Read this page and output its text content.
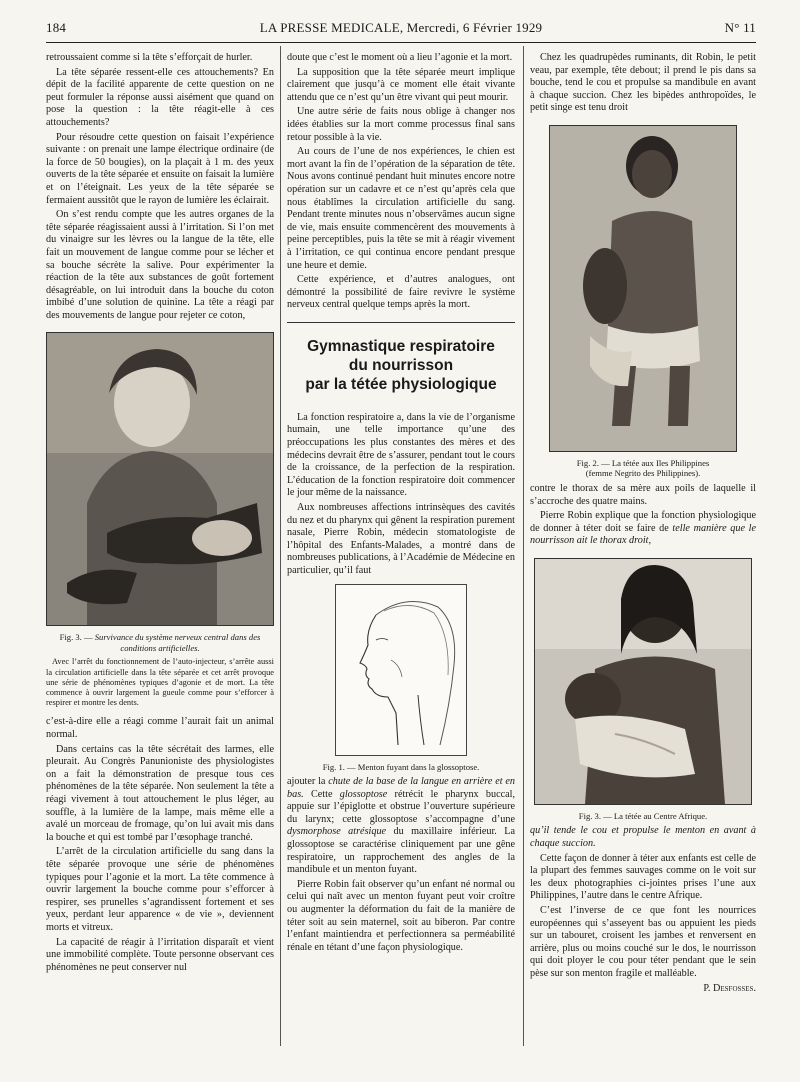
184	LA PRESSE MEDICALE, Mercredi, 6 Février 1929	N° 11

retroussaient comme si la tête s’efforçait de hurler.

La tête séparée ressent-elle ces attouchements? En dépit de la facilité apparente de cette question on ne peut formuler la réponse aussi aisément que quand on pose la question : la tête réagit-elle à ces attouchements?

Pour résoudre cette question on faisait l’expérience suivante : on prenait une lampe électrique ordinaire (de la force de 50 bougies), on la plaçait à 1 m. des yeux ouverts de la tête séparée et ensuite on faisait la lumière et on l’éteignait. Les yeux de la tête séparée se fermaient aussitôt que le rayon de lumière les éclairait.

On s’est rendu compte que les autres organes de la tête séparée réagissaient aussi à l’irritation. Si l’on met du vinaigre sur les lèvres ou la langue de la tête, elle fait un mouvement de langue comme pour se lécher et sa bouche sécrète la salive. Pour expérimenter la réaction de la tête aux substances de goût fortement désagréable, on lui introduit dans la bouche du coton imbibé d’une solution de quinine. La tête a réagi par des mouvements de langue pour rejeter ce coton,

Fig. 3. — Survivance du système nerveux central dans des conditions artificielles.

Avec l’arrêt du fonctionnement de l’auto-injecteur, s’arrête aussi la circulation artificielle dans la tête séparée et cet arrêt provoque une série de phénomènes typiques d’agonie et de mort. La tête commence à ouvrir largement la gueule comme pour s’efforcer à respirer et montre les dents.

c’est-à-dire elle a réagi comme l’aurait fait un animal normal.

Dans certains cas la tête sécrétait des larmes, elle pleurait. Au Congrès Panunioniste des physiologistes on a fait la démonstration de presque tous ces phénomènes de la tête séparée. Non seulement la tête a réagi vivement à tout attouchement le plus léger, au souffle, à la lumière de la lampe, mais même elle a avalé un morceau de fromage, qu’on lui avait mis dans la bouche et qui est tombé par l’œsophage tranché.

L’arrêt de la circulation artificielle du sang dans la tête séparée provoque une série de phénomènes typiques pour l’agonie et la mort. La tête commence à ouvrir largement la bouche comme pour s’efforcer à respirer, ses prunelles s’agrandissent fortement et ses yeux, perdant leur apparence « de vie », deviennent morts et vitreux.

La capacité de réagir à l’irritation disparaît et vient une immobilité complète. Toute personne observant ces phénomènes ne peut conserver nul

doute que c’est le moment où a lieu l’agonie et la mort.

La supposition que la tête séparée meurt implique clairement que jusqu’à ce moment elle était vivante attendu que ce n’est qu’un être vivant qui peut mourir.

Une autre série de faits nous oblige à changer nos idées établies sur la mort comme processus final sans retour possible à la vie.

Au cours de l’une de nos expériences, le chien est mort avant la fin de l’opération de la séparation de tête. Nous avons continué pendant huit minutes encore notre opération sur un cadavre et ce n’est qu’après cela que nous établîmes la circulation artificielle du sang. Pendant trente minutes nous n’observâmes aucun signe de vie, mais ensuite commencèrent des mouvements à peine perceptibles, puis la tête se mit à réagir vivement à l’irritation, ce qui continua encore pendant presque une heure et demie.

Cette expérience, et d’autres analogues, ont démontré la possibilité de faire revivre le système nerveux central quelque temps après la mort.

Gymnastique respiratoire
du nourrisson
par la tétée physiologique

La fonction respiratoire a, dans la vie de l’organisme humain, une telle importance qu’une des préoccupations les plus constantes des mères et des médecins devrait être de s’assurer, pendant tout le cours de la croissance, de la perfection de la respiration. L’éducation de la fonction respiratoire doit commencer le jour même de la naissance.

Aux nombreuses affections intrinsèques des cavités du nez et du pharynx qui gênent la respiration purement nasale, Pierre Robin, médecin stomatologiste de l’hôpital des Enfants-Malades, a montré dans de nombreuses publications, à l’Académie de Médecine en particulier, qu’il faut

Fig. 1. — Menton fuyant dans la glossoptose.

ajouter la chute de la base de la langue en arrière et en bas. Cette glossoptose rétrécit le pharynx buccal, appuie sur l’épiglotte et obstrue l’ouverture supérieure du larynx; cette glossoptose s’accompagne d’une dysmorphose atrésique du maxillaire inférieur. La glossoptose se caractérise cliniquement par une gêne respiratoire, un rapprochement des angles de la mandibule et un menton fuyant.

Pierre Robin fait observer qu’un enfant né normal ou celui qui naît avec un menton fuyant peut voir croître ou augmenter la déformation du fait de la manière de téter soit au sein maternel, soit au biberon. Par contre l’enfant maintiendra et perfectionnera sa perméabilité rénale en tétant d’une façon physiologique.

Chez les quadrupèdes ruminants, dit Robin, le petit veau, par exemple, tête debout; il prend le pis dans sa bouche, tend le cou et propulse sa mandibule en avant à chaque succion. Chez les bipèdes anthropoïdes, le petit singe est tenu droit

Fig. 2. — La tétée aux Iles Philippines
(femme Negrito des Philippines).

contre le thorax de sa mère aux poils de laquelle il s’accroche des quatre mains.

Pierre Robin explique que la fonction physiologique de donner à téter doit se faire de telle manière que le nourrisson ait le thorax droit,

Fig. 3. — La tétée au Centre Afrique.

qu’il tende le cou et propulse le menton en avant à chaque succion.

Cette façon de donner à téter aux enfants est celle de la plupart des femmes sauvages comme on le voit sur les deux photographies ci-jointes prises l’une aux Philippines, l’autre dans le centre Afrique.

C’est l’inverse de ce que font les nourrices européennes qui s’asseyent bas ou appuient les pieds sur un tabouret, croisent les jambes et renversent en arrière, plus ou moins couché sur le dos, le nourrisson qui doit ployer le cou pour téter pendant que le sein pèse sur son menton fragile et malléable.

P. Desfosses.
